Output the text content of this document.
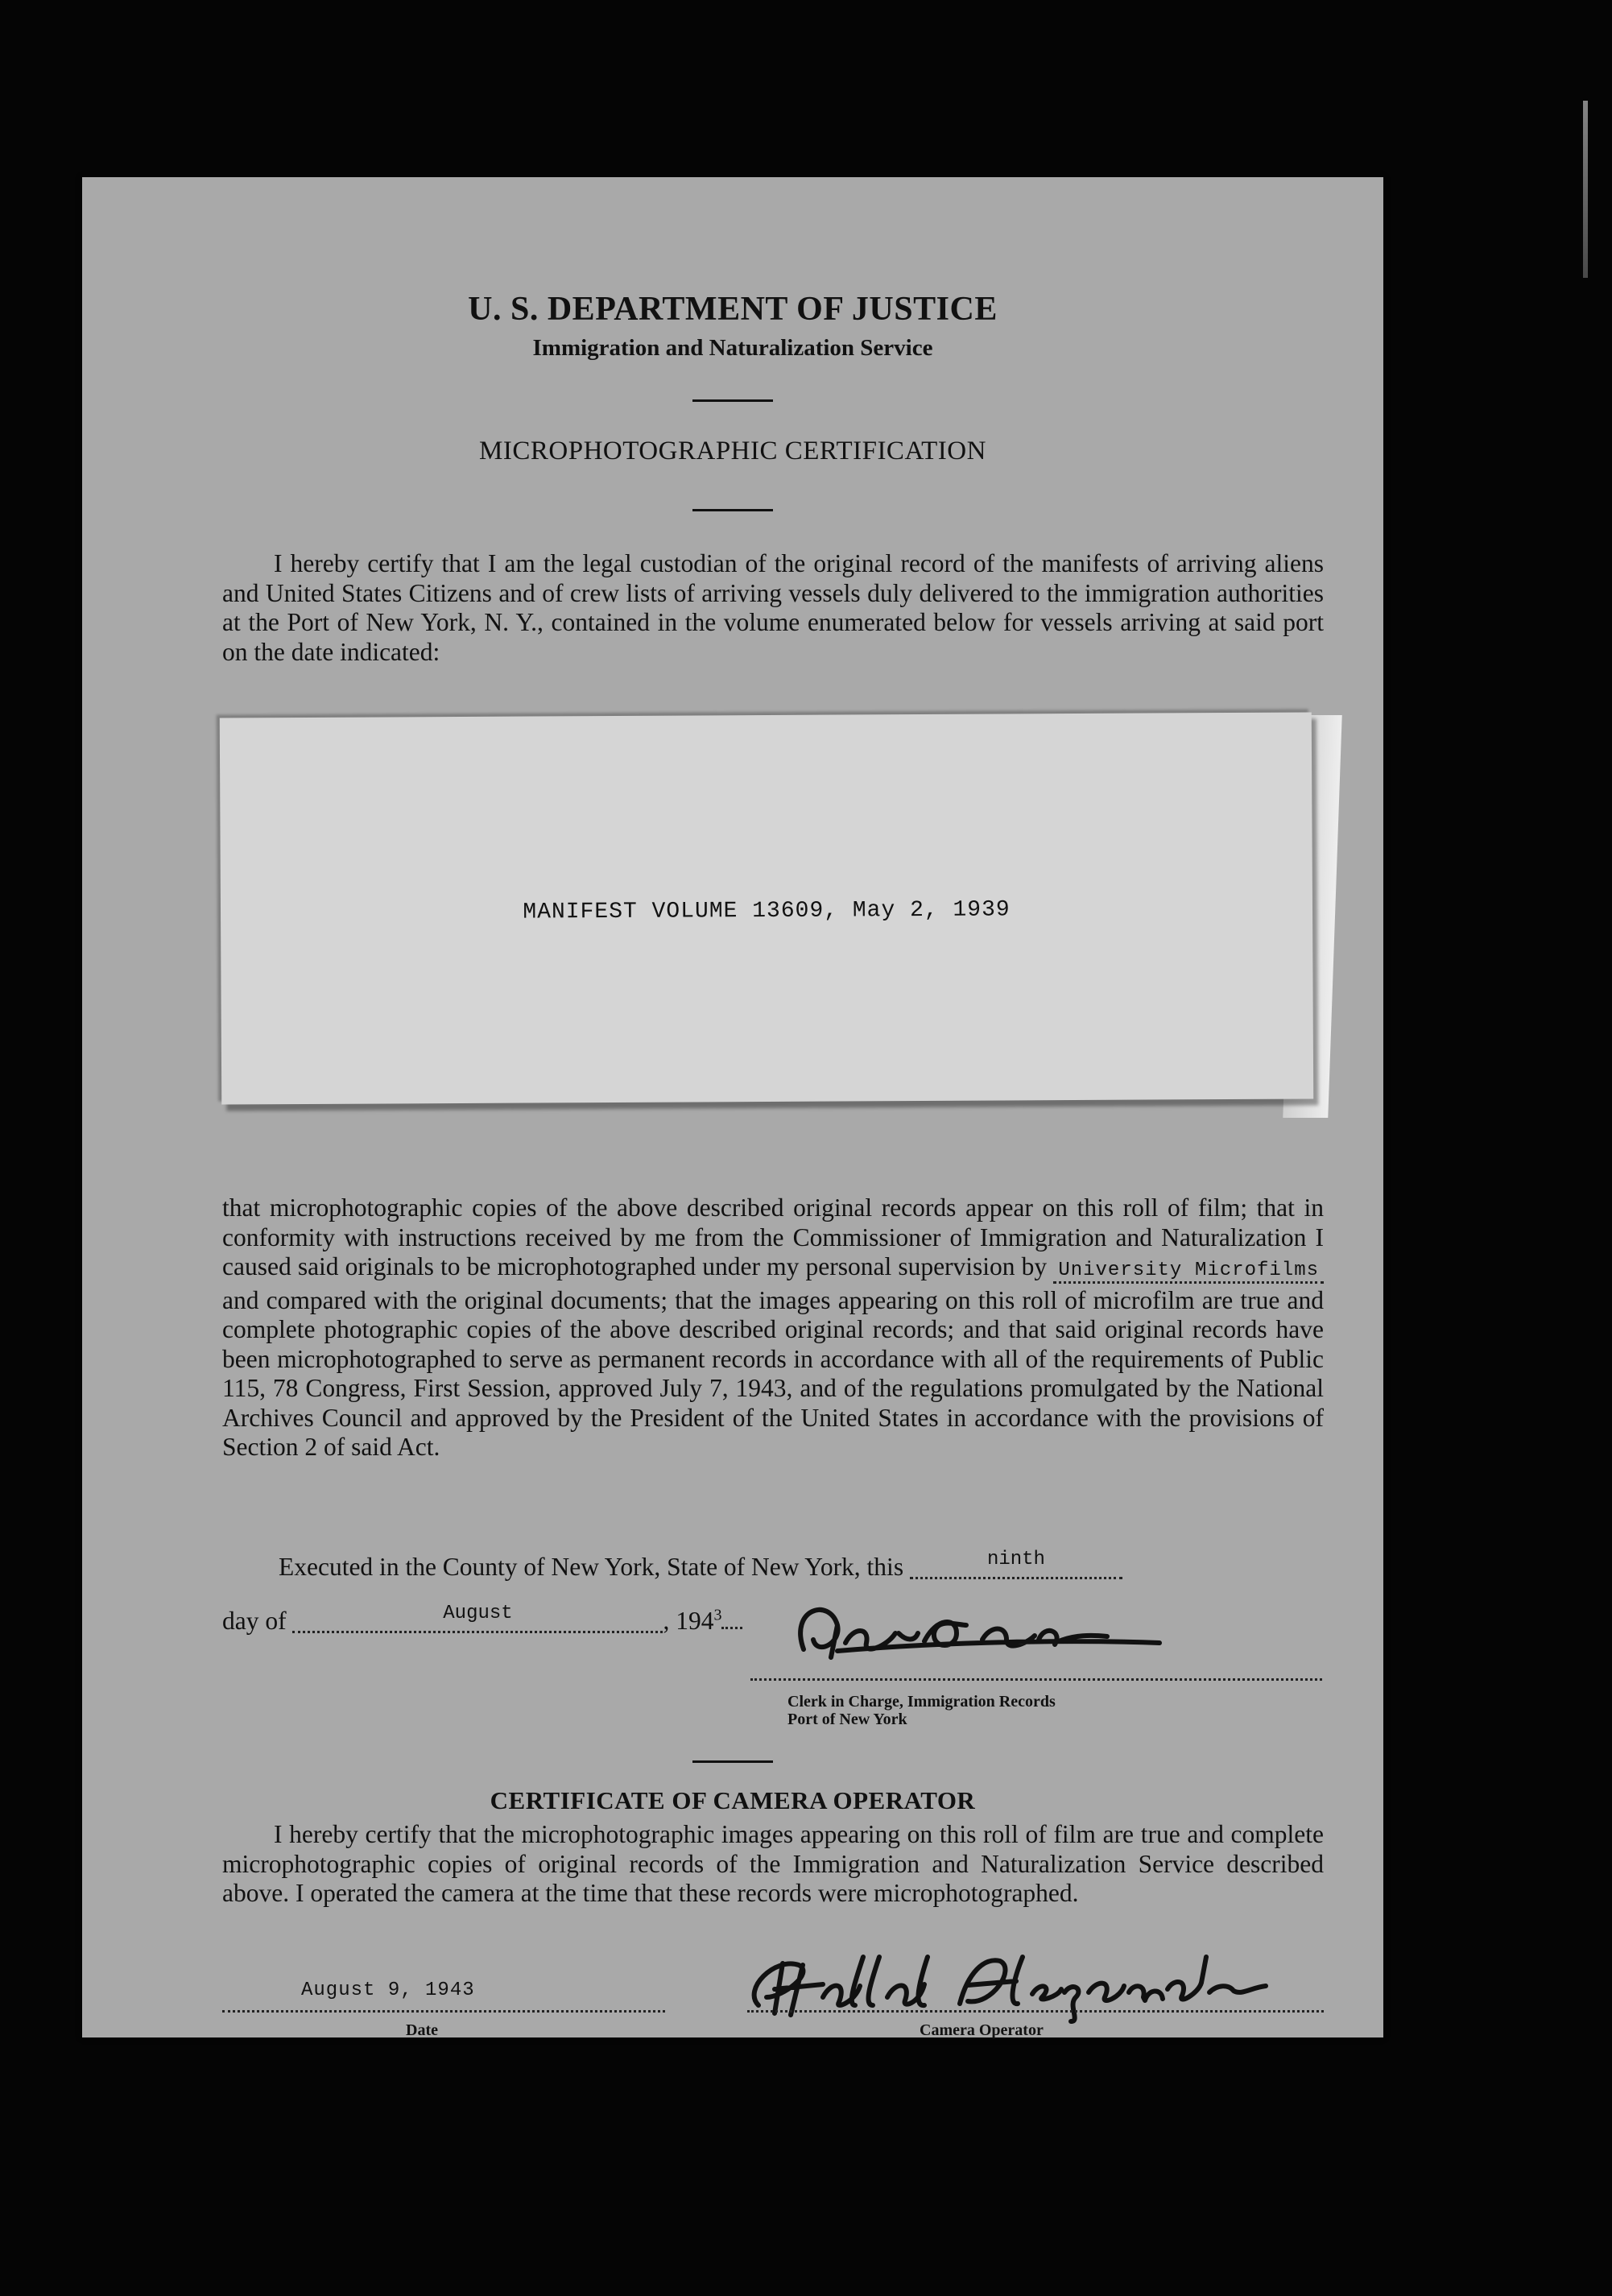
U. S. DEPARTMENT OF JUSTICE
Immigration and Naturalization Service
MICROPHOTOGRAPHIC CERTIFICATION
I hereby certify that I am the legal custodian of the original record of the manifests of arriving aliens and United States Citizens and of crew lists of arriving vessels duly delivered to the immigration authorities at the Port of New York, N. Y., contained in the volume enumerated below for vessels arriving at said port on the date indicated:
MANIFEST VOLUME 13609, May 2, 1939
that microphotographic copies of the above described original records appear on this roll of film; that in conformity with instructions received by me from the Commissioner of Immigration and Naturalization I caused said originals to be microphotographed under my personal supervision by University Microfilms and compared with the original documents; that the images appearing on this roll of microfilm are true and complete photographic copies of the above described original records; and that said original records have been microphotographed to serve as permanent records in accordance with all of the requirements of Public 115, 78 Congress, First Session, approved July 7, 1943, and of the regulations promulgated by the National Archives Council and approved by the President of the United States in accordance with the provisions of Section 2 of said Act.
Executed in the County of New York, State of New York, this	$^{ninth}$
day of	$^{August}$	, $194^3$
Clerk in Charge, Immigration Records
Port of New York
CERTIFICATE OF CAMERA OPERATOR
I hereby certify that the microphotographic images appearing on this roll of film are true and complete microphotographic copies of original records of the Immigration and Naturalization Service described above. I operated the camera at the time that these records were microphotographed.
August 9, 1943
Date	Camera Operator
